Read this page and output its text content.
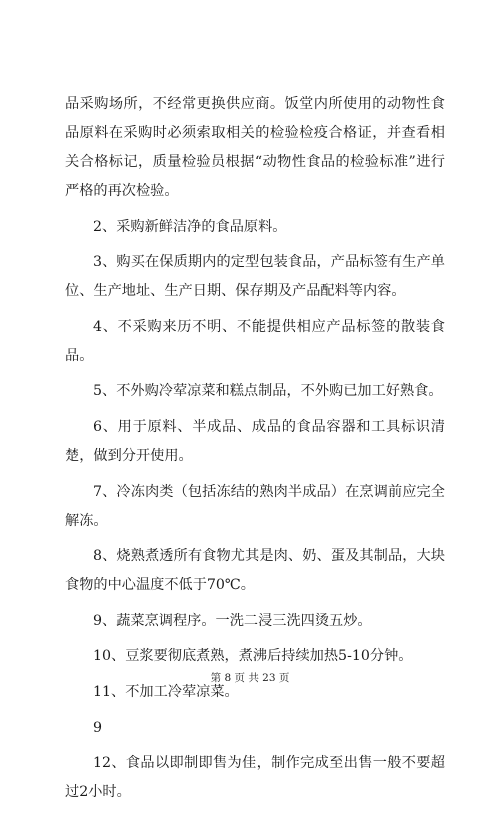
品采购场所，不经常更换供应商。饭堂内所使用的动物性食品原料在采购时必须索取相关的检验检疫合格证，并查看相关合格标记，质量检验员根据“动物性食品的检验标准”进行严格的再次检验。

2、采购新鲜洁净的食品原料。

3、购买在保质期内的定型包装食品，产品标签有生产单位、生产地址、生产日期、保存期及产品配料等内容。

4、不采购来历不明、不能提供相应产品标签的散装食品。

5、不外购冷荤凉菜和糕点制品，不外购已加工好熟食。

6、用于原料、半成品、成品的食品容器和工具标识清楚，做到分开使用。

7、冷冻肉类（包括冻结的熟肉半成品）在烹调前应完全解冻。

8、烧熟煮透所有食物尤其是肉、奶、蛋及其制品，大块食物的中心温度不低于70℃。

9、蔬菜烹调程序。一洗二浸三洗四烫五炒。

10、豆浆要彻底煮熟，煮沸后持续加热5-10分钟。

11、不加工冷荤凉菜。

9

12、食品以即制即售为佳，制作完成至出售一般不要超过2小时。

第 8 页 共 23 页
